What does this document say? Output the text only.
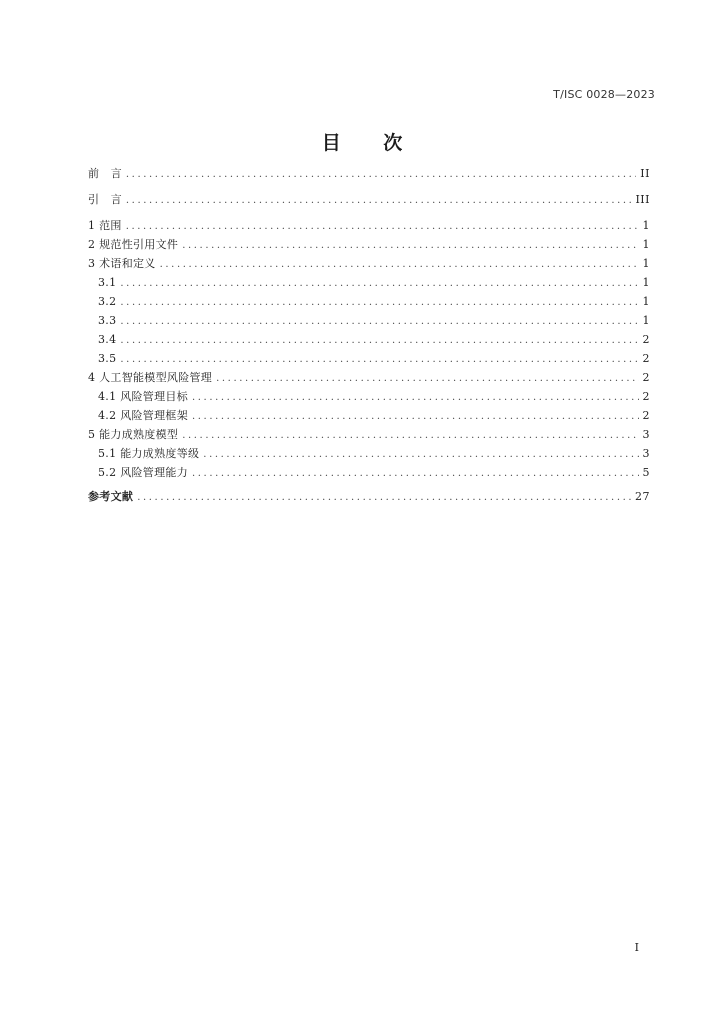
T/ISC 0028—2023

目 次
前　言 .....	II
引　言 .....	III
1 范围 .....	1
2 规范性引用文件 .....	1
3 术语和定义 .....	1
3.1 .....	1
3.2 .....	1
3.3 .....	1
3.4 .....	2
3.5 .....	2
4 人工智能模型风险管理 .....	2
4.1 风险管理目标 .....	2
4.2 风险管理框架 .....	2
5 能力成熟度模型 .....	3
5.1 能力成熟度等级 .....	3
5.2 风险管理能力 .....	5
参考文献 .....	27

I
